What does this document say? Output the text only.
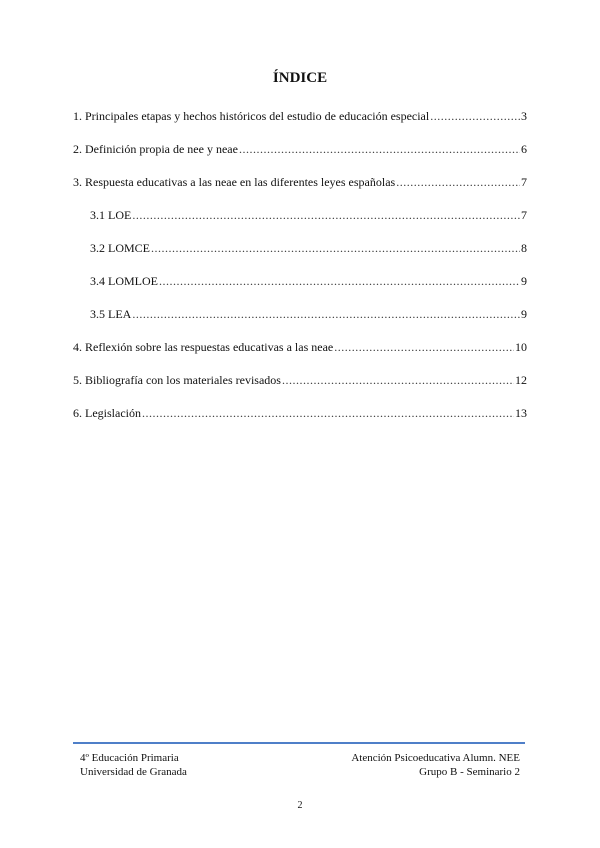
ÍNDICE
1. Principales etapas y hechos históricos del estudio de educación especial .....	3
2. Definición propia de nee y neae .....	6
3. Respuesta educativas a las neae en las diferentes leyes españolas .....	7
3.1 LOE .....	7
3.2 LOMCE .....	8
3.4 LOMLOE .....	9
3.5 LEA .....	9
4. Reflexión sobre las respuestas educativas a las neae .....	10
5. Bibliografía con los materiales revisados .....	12
6. Legislación .....	13
4º Educación Primaria
Universidad de Granada
Atención Psicoeducativa Alumn. NEE
Grupo B - Seminario 2
2
